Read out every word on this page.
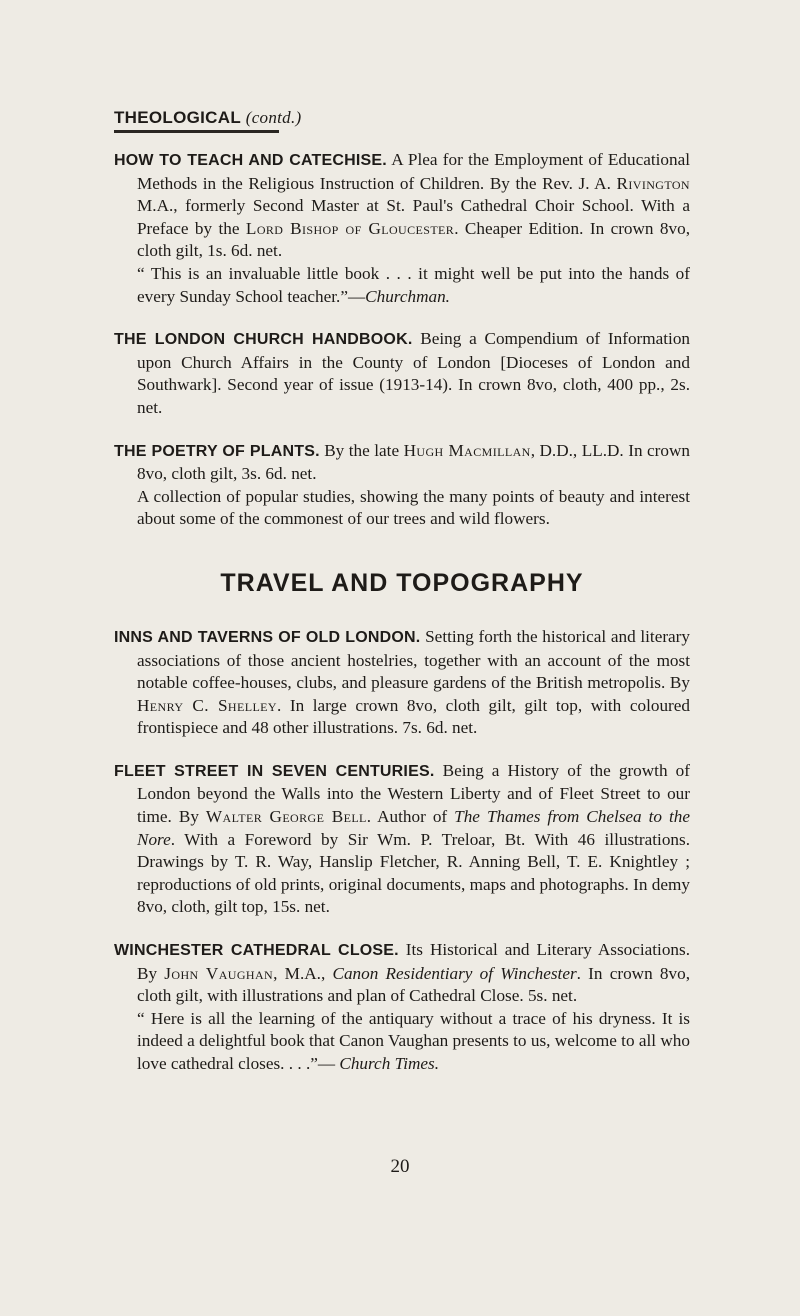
THEOLOGICAL (contd.)
HOW TO TEACH AND CATECHISE. A Plea for the Employment of Educational Methods in the Religious Instruction of Children. By the Rev. J. A. Rivington M.A., formerly Second Master at St. Paul's Cathedral Choir School. With a Preface by the Lord Bishop of Gloucester. Cheaper Edition. In crown 8vo, cloth gilt, 1s. 6d. net.
“ This is an invaluable little book . . . it might well be put into the hands of every Sunday School teacher.”—Churchman.
THE LONDON CHURCH HANDBOOK. Being a Compendium of Information upon Church Affairs in the County of London [Dioceses of London and Southwark]. Second year of issue (1913-14). In crown 8vo, cloth, 400 pp., 2s. net.
THE POETRY OF PLANTS. By the late Hugh Macmillan, D.D., LL.D. In crown 8vo, cloth gilt, 3s. 6d. net.
A collection of popular studies, showing the many points of beauty and interest about some of the commonest of our trees and wild flowers.
TRAVEL AND TOPOGRAPHY
INNS AND TAVERNS OF OLD LONDON. Setting forth the historical and literary associations of those ancient hostelries, together with an account of the most notable coffee-houses, clubs, and pleasure gardens of the British metropolis. By Henry C. Shelley. In large crown 8vo, cloth gilt, gilt top, with coloured frontispiece and 48 other illustrations. 7s. 6d. net.
FLEET STREET IN SEVEN CENTURIES. Being a History of the growth of London beyond the Walls into the Western Liberty and of Fleet Street to our time. By Walter George Bell. Author of The Thames from Chelsea to the Nore. With a Foreword by Sir Wm. P. Treloar, Bt. With 46 illustrations. Drawings by T. R. Way, Hanslip Fletcher, R. Anning Bell, T. E. Knightley ; reproductions of old prints, original documents, maps and photographs. In demy 8vo, cloth, gilt top, 15s. net.
WINCHESTER CATHEDRAL CLOSE. Its Historical and Literary Associations. By John Vaughan, M.A., Canon Residentiary of Winchester. In crown 8vo, cloth gilt, with illustrations and plan of Cathedral Close. 5s. net.
“ Here is all the learning of the antiquary without a trace of his dryness. It is indeed a delightful book that Canon Vaughan presents to us, welcome to all who love cathedral closes. . . .”— Church Times.
20
